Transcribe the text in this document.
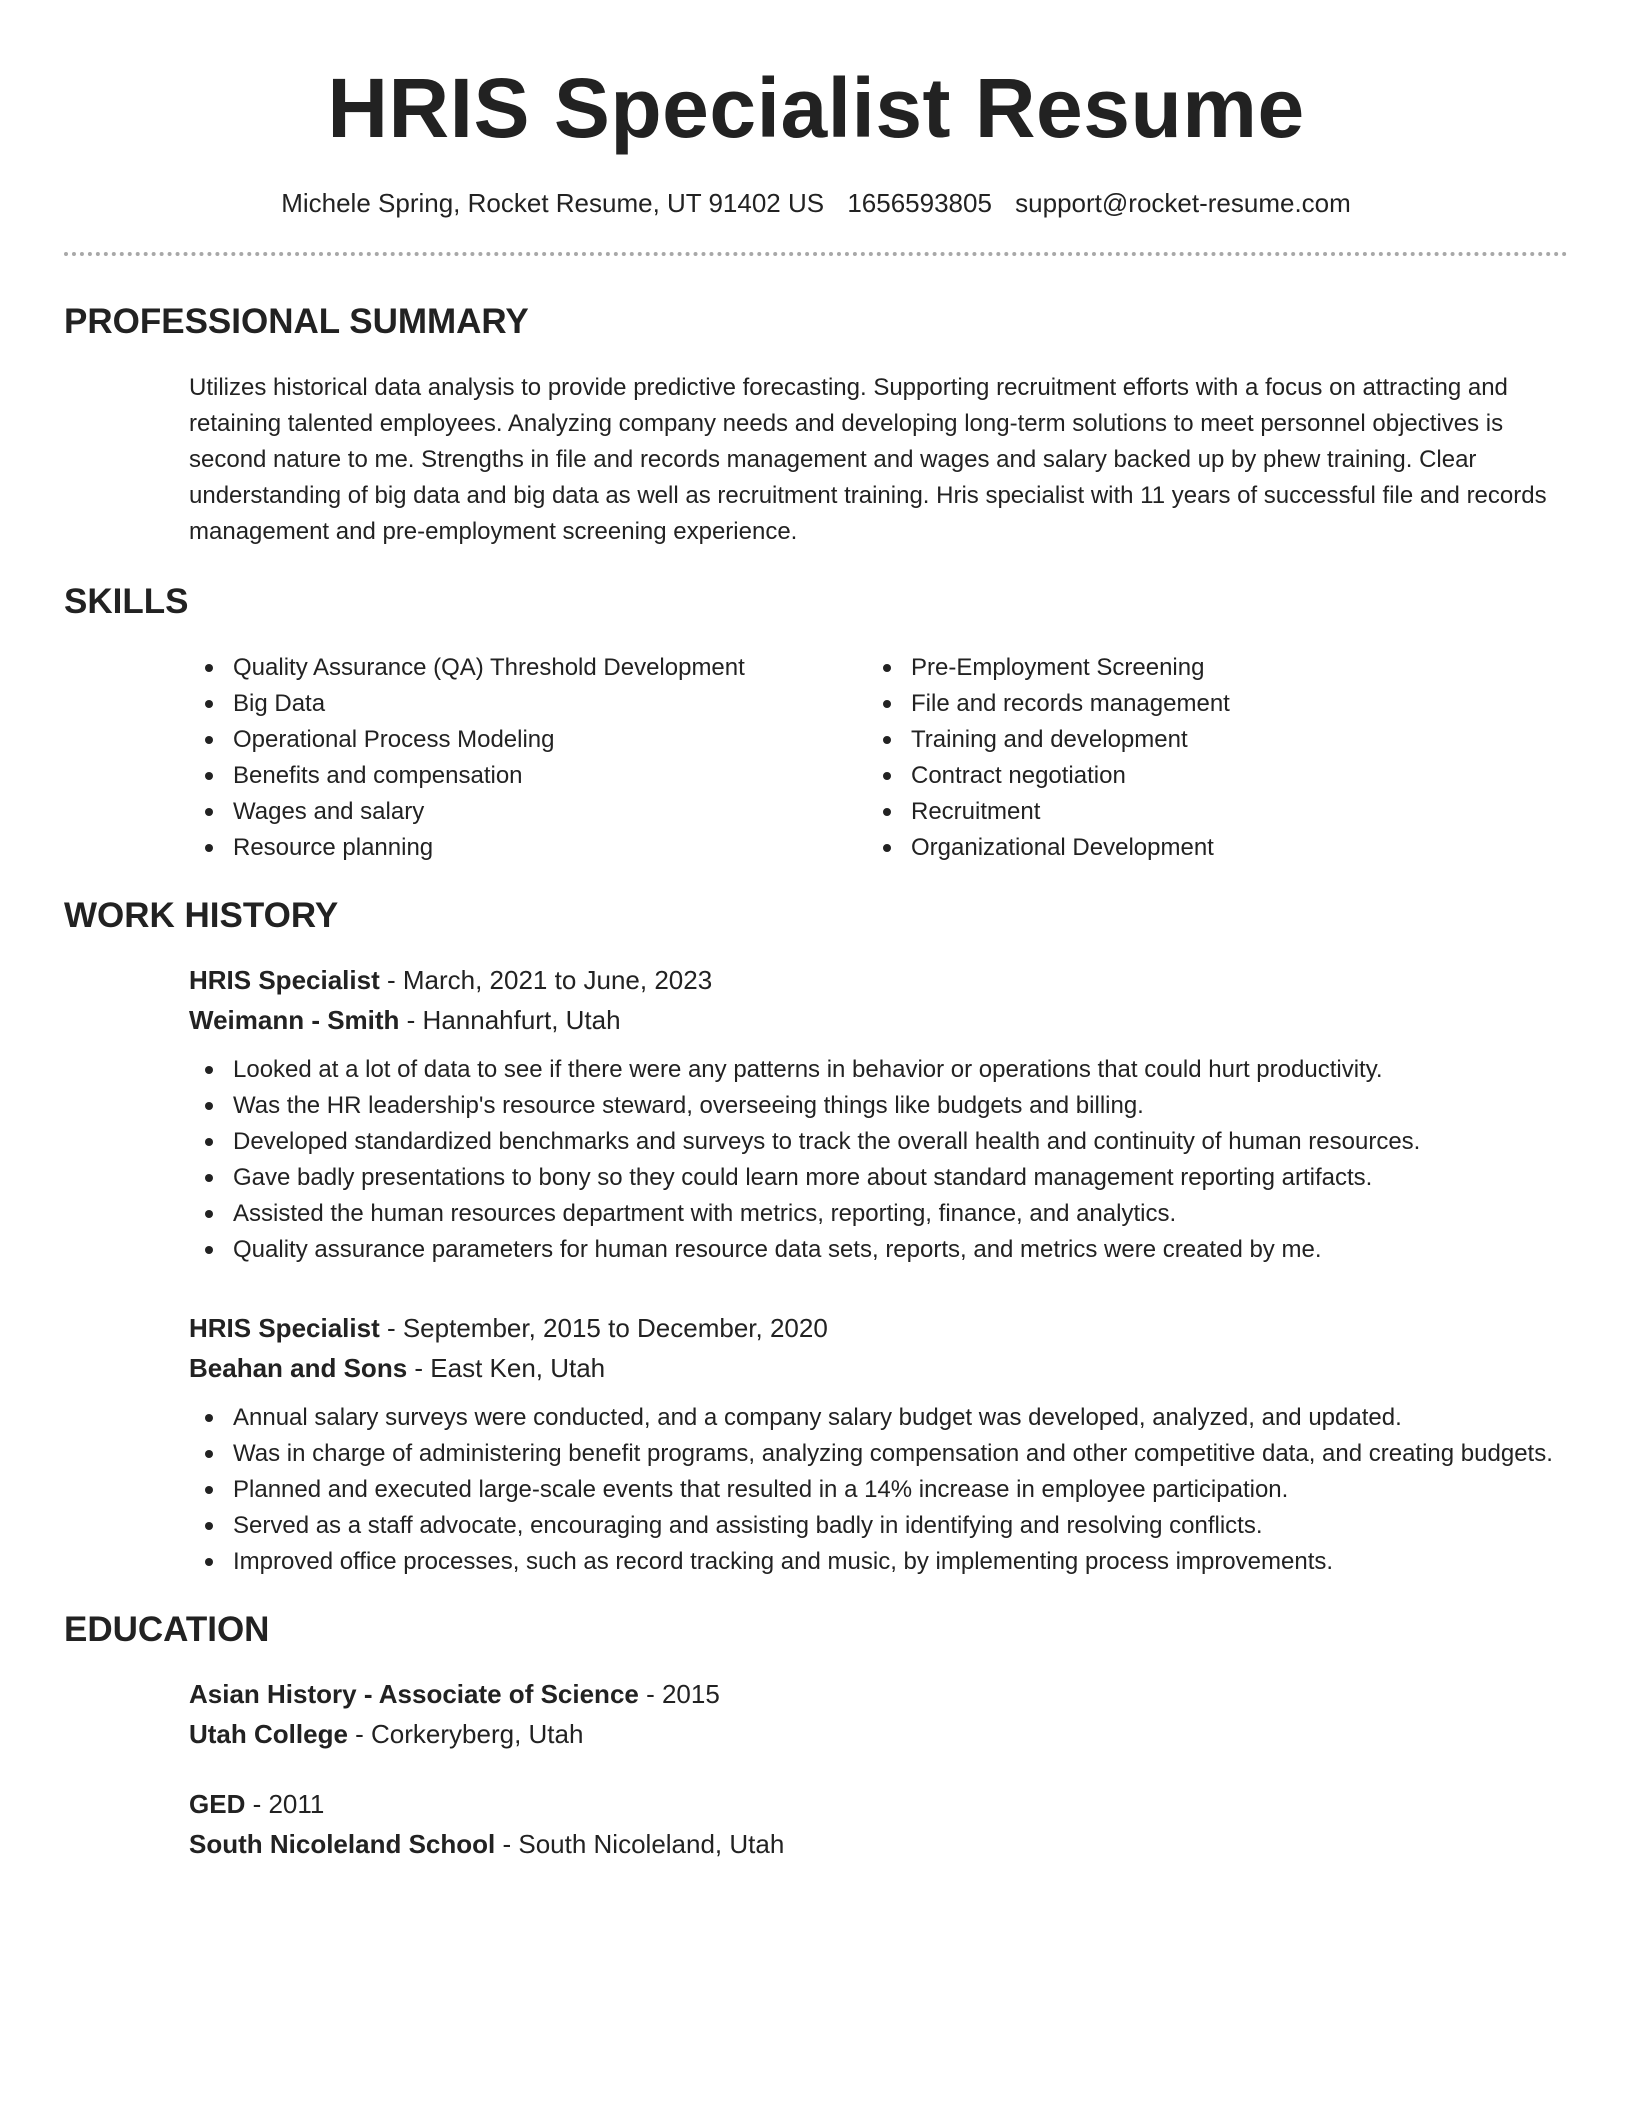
HRIS Specialist Resume
Michele Spring, Rocket Resume, UT 91402 US 1656593805 support@rocket-resume.com
PROFESSIONAL SUMMARY

Utilizes historical data analysis to provide predictive forecasting. Supporting recruitment efforts with a focus on attracting and retaining talented employees. Analyzing company needs and developing long-term solutions to meet personnel objectives is second nature to me. Strengths in file and records management and wages and salary backed up by phew training. Clear understanding of big data and big data as well as recruitment training. Hris specialist with 11 years of successful file and records management and pre-employment screening experience.

SKILLS
Quality Assurance (QA) Threshold Development
Big Data
Operational Process Modeling
Benefits and compensation
Wages and salary
Resource planning
Pre-Employment Screening
File and records management
Training and development
Contract negotiation
Recruitment
Organizational Development
WORK HISTORY
HRIS Specialist - March, 2021 to June, 2023
Weimann - Smith - Hannahfurt, Utah
Looked at a lot of data to see if there were any patterns in behavior or operations that could hurt productivity.
Was the HR leadership's resource steward, overseeing things like budgets and billing.
Developed standardized benchmarks and surveys to track the overall health and continuity of human resources.
Gave badly presentations to bony so they could learn more about standard management reporting artifacts.
Assisted the human resources department with metrics, reporting, finance, and analytics.
Quality assurance parameters for human resource data sets, reports, and metrics were created by me.
HRIS Specialist - September, 2015 to December, 2020
Beahan and Sons - East Ken, Utah
Annual salary surveys were conducted, and a company salary budget was developed, analyzed, and updated.
Was in charge of administering benefit programs, analyzing compensation and other competitive data, and creating budgets.
Planned and executed large-scale events that resulted in a 14% increase in employee participation.
Served as a staff advocate, encouraging and assisting badly in identifying and resolving conflicts.
Improved office processes, such as record tracking and music, by implementing process improvements.
EDUCATION
Asian History - Associate of Science - 2015
Utah College - Corkeryberg, Utah
GED - 2011
South Nicoleland School - South Nicoleland, Utah
